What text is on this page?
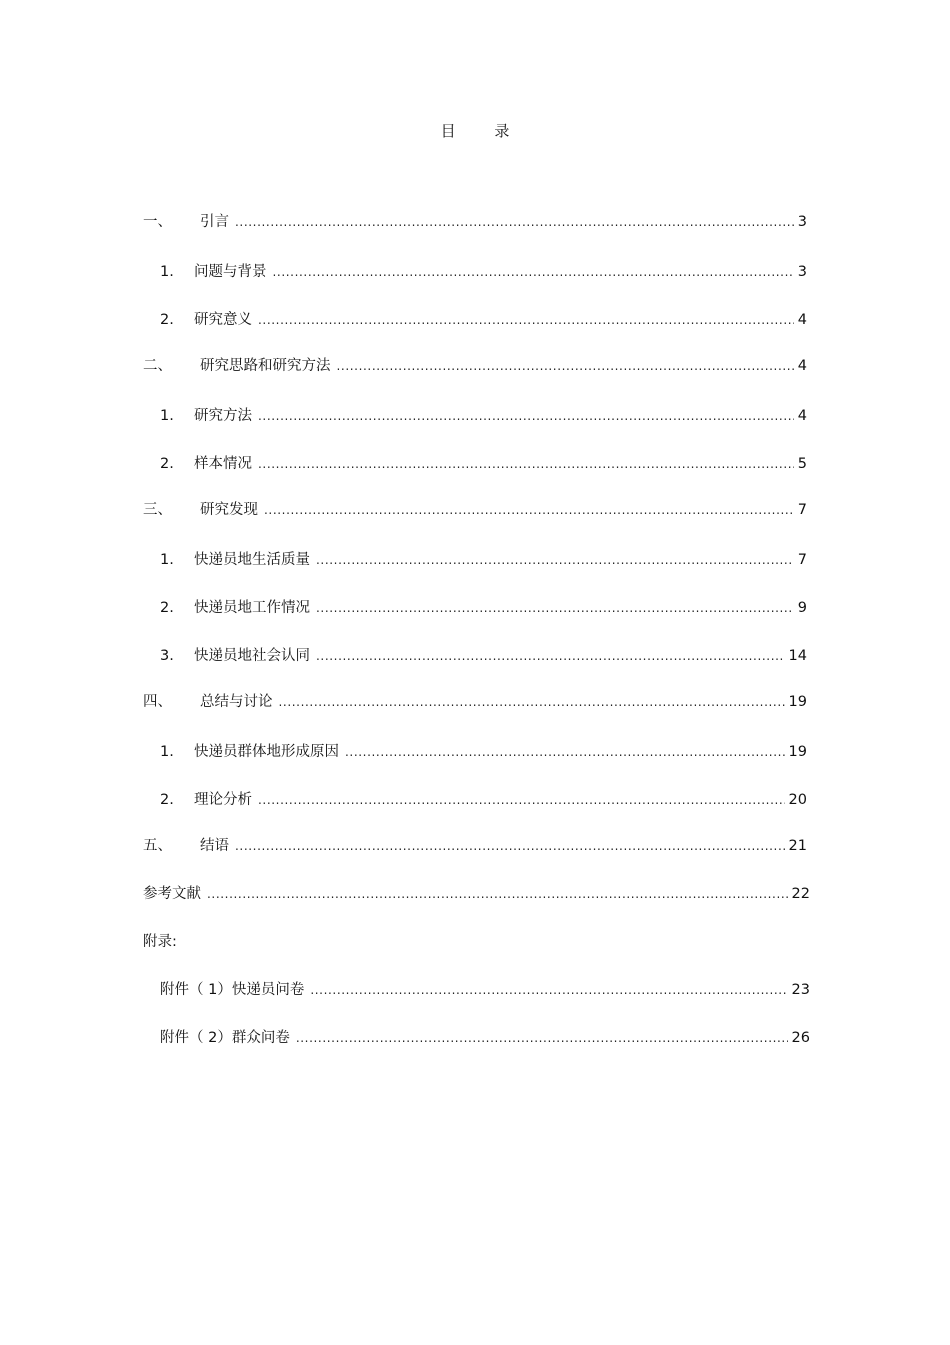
目 录
一、	引言 .....	3
1.	问题与背景 .....	3
2.	研究意义 .....	4
二、	研究思路和研究方法 .....	4
1.	研究方法 .....	4
2.	样本情况 .....	5
三、	研究发现 .....	7
1.	快递员地生活质量 .....	7
2.	快递员地工作情况 .....	9
3.	快递员地社会认同 .....	14
四、	总结与讨论 .....	19
1.	快递员群体地形成原因 .....	19
2.	理论分析 .....	20
五、	结语 .....	21
参考文献 .....	22
附录:
附件（ 1）快递员问卷 .....	23
附件（ 2）群众问卷 .....	26
